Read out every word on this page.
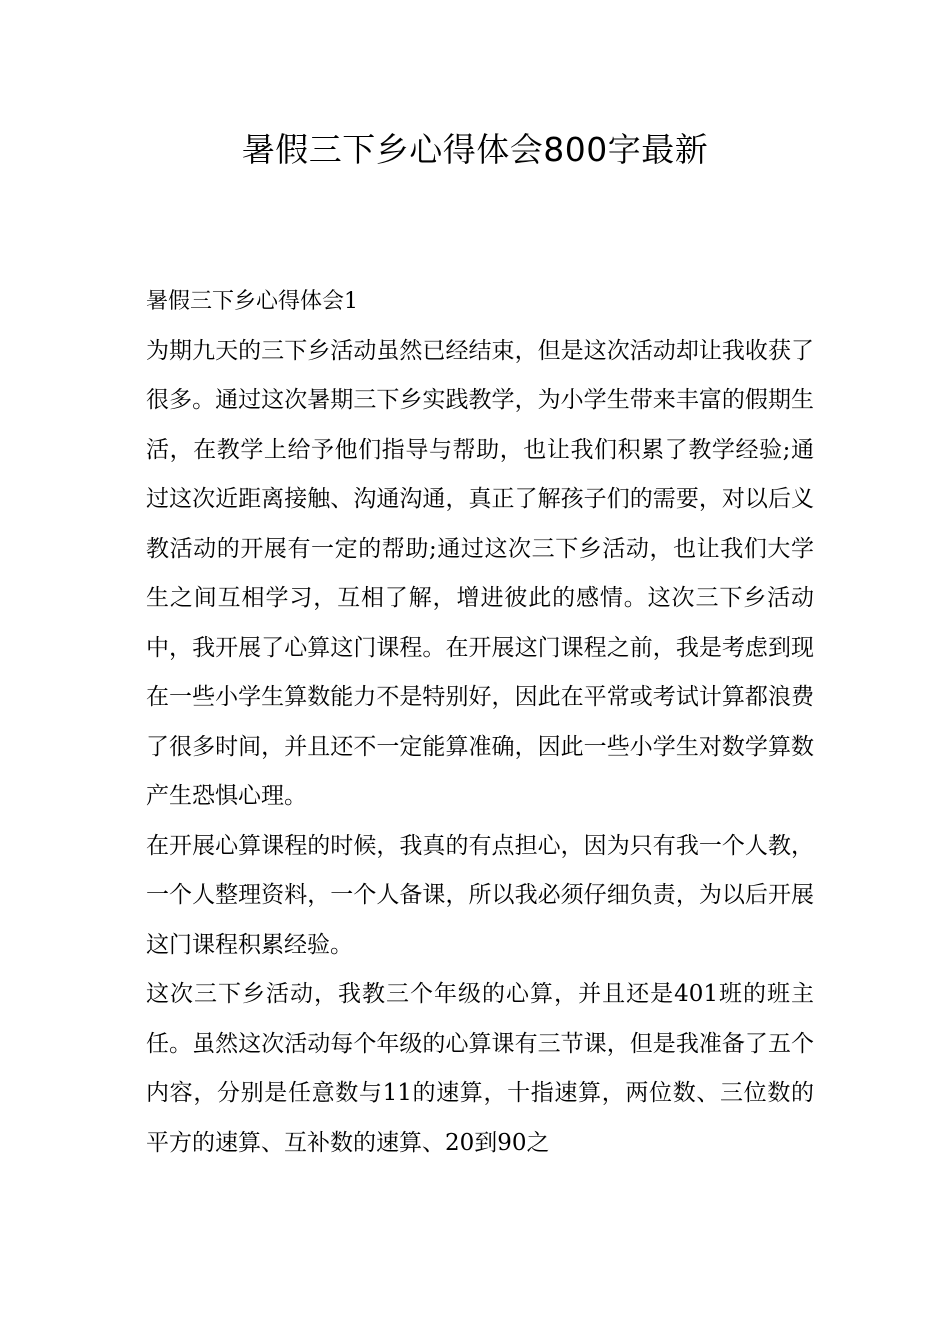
暑假三下乡心得体会800字最新

暑假三下乡心得体会1

为期九天的三下乡活动虽然已经结束，但是这次活动却让我收获了很多。通过这次暑期三下乡实践教学，为小学生带来丰富的假期生活，在教学上给予他们指导与帮助，也让我们积累了教学经验;通过这次近距离接触、沟通沟通，真正了解孩子们的需要，对以后义教活动的开展有一定的帮助;通过这次三下乡活动，也让我们大学生之间互相学习，互相了解，增进彼此的感情。这次三下乡活动中，我开展了心算这门课程。在开展这门课程之前，我是考虑到现在一些小学生算数能力不是特别好，因此在平常或考试计算都浪费了很多时间，并且还不一定能算准确，因此一些小学生对数学算数产生恐惧心理。

在开展心算课程的时候，我真的有点担心，因为只有我一个人教，一个人整理资料，一个人备课，所以我必须仔细负责，为以后开展这门课程积累经验。

这次三下乡活动，我教三个年级的心算，并且还是401班的班主任。虽然这次活动每个年级的心算课有三节课，但是我准备了五个内容，分别是任意数与11的速算，十指速算，两位数、三位数的平方的速算、互补数的速算、20到90之
